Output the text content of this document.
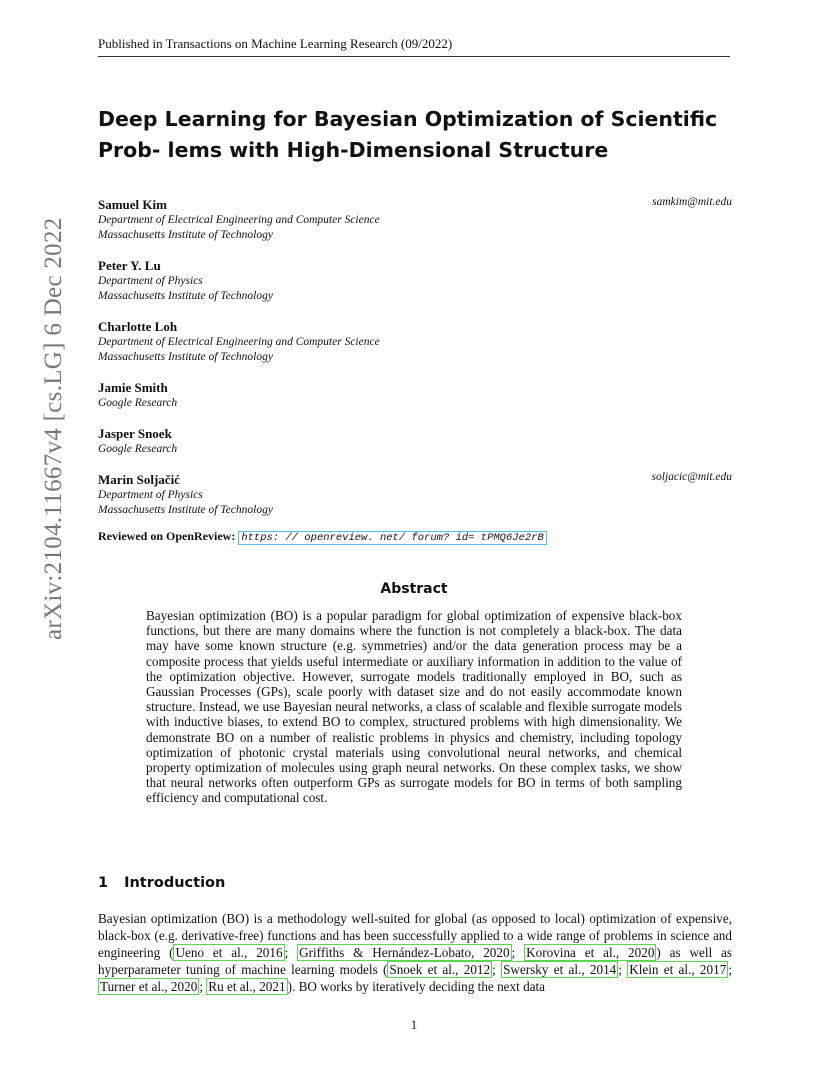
Published in Transactions on Machine Learning Research (09/2022)
arXiv:2104.11667v4 [cs.LG] 6 Dec 2022
Deep Learning for Bayesian Optimization of Scientific Prob- lems with High-Dimensional Structure
Samuel Kim	samkim@mit.edu
Department of Electrical Engineering and Computer Science
Massachusetts Institute of Technology
Peter Y. Lu
Department of Physics
Massachusetts Institute of Technology
Charlotte Loh
Department of Electrical Engineering and Computer Science
Massachusetts Institute of Technology
Jamie Smith
Google Research
Jasper Snoek
Google Research
Marin Soljačić	soljacic@mit.edu
Department of Physics
Massachusetts Institute of Technology
Reviewed on OpenReview: https: // openreview. net/ forum? id= tPMQ6Je2rB
Abstract
Bayesian optimization (BO) is a popular paradigm for global optimization of expensive black-box functions, but there are many domains where the function is not completely a black-box. The data may have some known structure (e.g. symmetries) and/or the data generation process may be a composite process that yields useful intermediate or auxiliary information in addition to the value of the optimization objective. However, surrogate models traditionally employed in BO, such as Gaussian Processes (GPs), scale poorly with dataset size and do not easily accommodate known structure. Instead, we use Bayesian neural networks, a class of scalable and flexible surrogate models with inductive biases, to extend BO to complex, structured problems with high dimensionality. We demonstrate BO on a number of realistic problems in physics and chemistry, including topology optimization of photonic crystal materials using convolutional neural networks, and chemical property optimization of molecules using graph neural networks. On these complex tasks, we show that neural networks often outperform GPs as surrogate models for BO in terms of both sampling efficiency and computational cost.
1 Introduction
Bayesian optimization (BO) is a methodology well-suited for global (as opposed to local) optimization of expensive, black-box (e.g. derivative-free) functions and has been successfully applied to a wide range of problems in science and engineering ( Ueno et al., 2016 ; Griffiths & Hernández-Lobato, 2020 ; Korovina et al., 2020 ) as well as hyperparameter tuning of machine learning models ( Snoek et al., 2012 ; Swersky et al., 2014 ; Klein et al., 2017 ; Turner et al., 2020 ; Ru et al., 2021 ). BO works by iteratively deciding the next data
1
